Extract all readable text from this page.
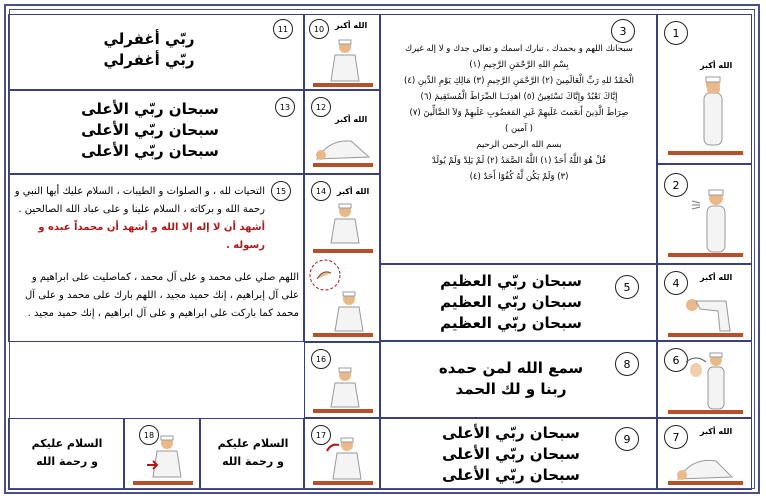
1
الله أكبر
2
3
سبحانك اللهم و بحمدك ، تبارك اسمك و تعالى جدك و لا إله غيرك
بِسْمِ اللهِ الرَّحْمَنِ الرَّحِيمِ (١)
الْحَمْدُ للهِ رَبِّ الْعَالَمِينَ (٢) الرَّحْمَنِ الرَّحِيمِ (٣) مَالِكِ يَوْمِ الدِّينِ (٤)
إِيَّاكَ نَعْبُدُ وإِيَّاكَ نَسْتَعِينُ (٥) اهدِنَــا الصِّرَاطَ الْمُستَقِيمَ (٦)
صِرَاطَ الَّذِينَ أَنعَمتَ عَلَيهِمْ غَيرِ المَغضُوبِ عَلَيهِمْ وَلاَ الضَّالِّينَ (٧)
( آمين )
بسم الله الرحمن الرحيم
قُلْ هُوَ اللَّهُ أَحَدٌ (١) اللَّهُ الصَّمَدُ (٢) لَمْ يَلِدْ وَلَمْ يُولَدْ
(٣) وَلَمْ يَكُن لَّهُ كُفُوًا أَحَدٌ (٤)
4	الله أكبر
5
سبحان ربّي العظيم
سبحان ربّي العظيم
سبحان ربّي العظيم
6
8
سمع الله لمن حمده
ربنا و لك الحمد
7	الله أكبر
9
سبحان ربّي الأعلى
سبحان ربّي الأعلى
سبحان ربّي الأعلى
10	الله أكبر
11
ربّي أغفرلي
ربّي أغفرلي
12
الله أكبر
13
سبحان ربّي الأعلى
سبحان ربّي الأعلى
سبحان ربّي الأعلى
14	الله أكبر
15
التحيات لله ، و الصلوات و الطيبات ، السلام عليك أيها النبي و رحمة الله و بركاته ، السلام علينا و على عباد الله الصالحين . أشهد أن لا إله إلا الله و أشهد أن محمداً عبده و رسوله .
اللهم صلي على محمد و على آل محمد ، كماصليت على ابراهيم و على آل إبراهيم ، إنك حميد مجيد ، اللهم بارك على محمد و على آل محمد كما باركت على ابراهيم و على آل ابراهيم ، إنك حميد مجيد .
16
17
السلام عليكم
و رحمة الله
18
السلام عليكم
و رحمة الله
